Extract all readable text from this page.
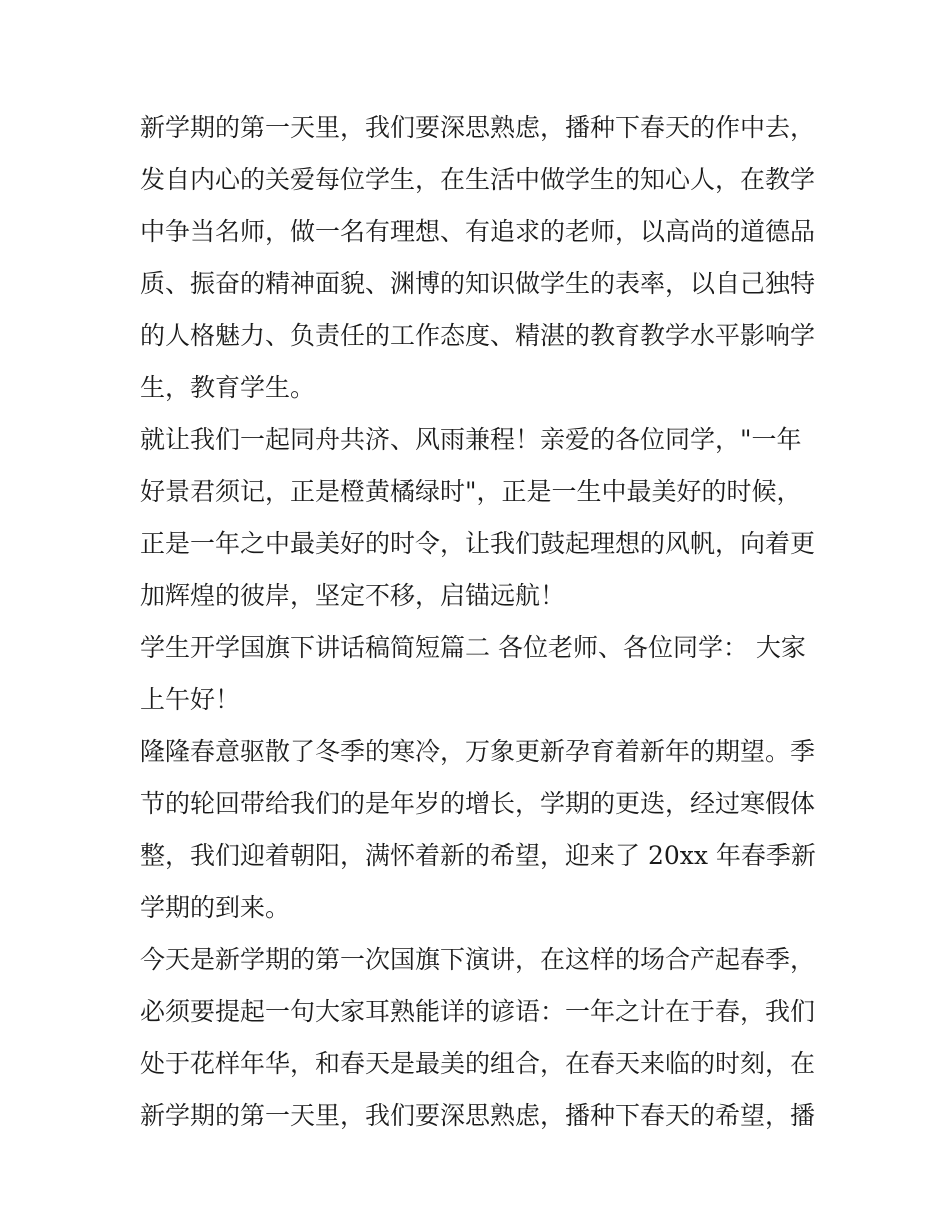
新学期的第一天里，我们要深思熟虑，播种下春天的作中去，
发自内心的关爱每位学生，在生活中做学生的知心人，在教学
中争当名师，做一名有理想、有追求的老师，以高尚的道德品
质、振奋的精神面貌、渊博的知识做学生的表率，以自己独特
的人格魅力、负责任的工作态度、精湛的教育教学水平影响学
生，教育学生。
就让我们一起同舟共济、风雨兼程！亲爱的各位同学，"一年
好景君须记，正是橙黄橘绿时"，正是一生中最美好的时候，
正是一年之中最美好的时令，让我们鼓起理想的风帆，向着更
加辉煌的彼岸，坚定不移，启锚远航！
学生开学国旗下讲话稿简短篇二 各位老师、各位同学： 大家
上午好！
隆隆春意驱散了冬季的寒冷，万象更新孕育着新年的期望。季
节的轮回带给我们的是年岁的增长，学期的更迭，经过寒假体
整，我们迎着朝阳，满怀着新的希望，迎来了 20xx 年春季新
学期的到来。
今天是新学期的第一次国旗下演讲，在这样的场合产起春季，
必须要提起一句大家耳熟能详的谚语：一年之计在于春，我们
处于花样年华，和春天是最美的组合，在春天来临的时刻，在
新学期的第一天里，我们要深思熟虑，播种下春天的希望，播
